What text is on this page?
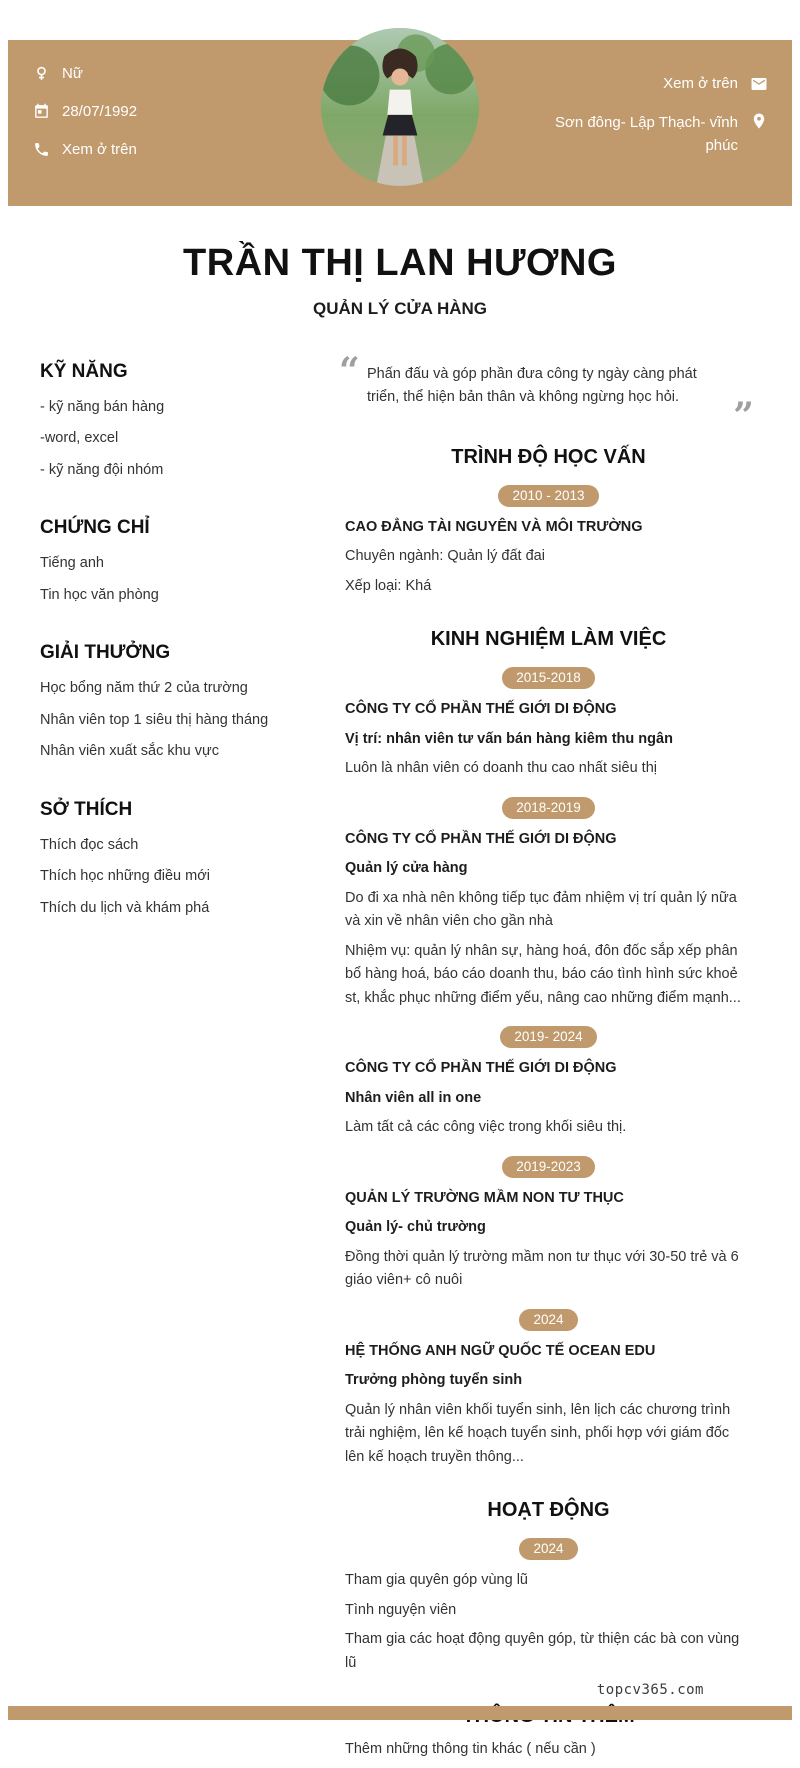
Nữ
28/07/1992
Xem ở trên
Xem ở trên
Sơn đông- Lập Thạch- vĩnh phúc
TRẦN THỊ LAN HƯƠNG
QUẢN LÝ CỬA HÀNG
KỸ NĂNG

- kỹ năng bán hàng

-word, excel

- kỹ năng đội nhóm

CHỨNG CHỈ

Tiếng anh

Tin học văn phòng

GIẢI THƯỞNG

Học bổng năm thứ 2 của trường

Nhân viên top 1 siêu thị hàng tháng

Nhân viên xuất sắc khu vực

SỞ THÍCH

Thích đọc sách

Thích học những điều mới

Thích du lịch và khám phá

“ Phấn đấu và góp phần đưa công ty ngày càng phát triển, thể hiện bản thân và không ngừng học hỏi. ”
TRÌNH ĐỘ HỌC VẤN
2010 - 2013

CAO ĐẲNG TÀI NGUYÊN VÀ MÔI TRƯỜNG

Chuyên ngành: Quản lý đất đai

Xếp loại: Khá

KINH NGHIỆM LÀM VIỆC
2015-2018

CÔNG TY CỔ PHẦN THẾ GIỚI DI ĐỘNG

Vị trí: nhân viên tư vấn bán hàng kiêm thu ngân

Luôn là nhân viên có doanh thu cao nhất siêu thị

2018-2019

CÔNG TY CỔ PHẦN THẾ GIỚI DI ĐỘNG

Quản lý cửa hàng

Do đi xa nhà nên không tiếp tục đảm nhiệm vị trí quản lý nữa và xin về nhân viên cho gần nhà

Nhiệm vụ: quản lý nhân sự, hàng hoá, đôn đốc sắp xếp phân bổ hàng hoá, báo cáo doanh thu, báo cáo tình hình sức khoẻ st, khắc phục những điểm yếu, nâng cao những điểm mạnh...

2019- 2024

CÔNG TY CỔ PHẦN THẾ GIỚI DI ĐỘNG

Nhân viên all in one

Làm tất cả các công việc trong khối siêu thị.

2019-2023

QUẢN LÝ TRƯỜNG MẦM NON TƯ THỤC

Quản lý- chủ trường

Đồng thời quản lý trường mầm non tư thục với 30-50 trẻ và 6 giáo viên+ cô nuôi

2024

HỆ THỐNG ANH NGỮ QUỐC TẾ OCEAN EDU

Trưởng phòng tuyển sinh

Quản lý nhân viên khối tuyển sinh, lên lịch các chương trình trải nghiệm, lên kế hoạch tuyển sinh, phối hợp với giám đốc lên kế hoạch truyền thông...

HOẠT ĐỘNG
2024

Tham gia quyên góp vùng lũ

Tình nguyện viên

Tham gia các hoạt động quyên góp, từ thiện các bà con vùng lũ

Thêm những thông tin khác ( nếu cần )

topcv365.com
